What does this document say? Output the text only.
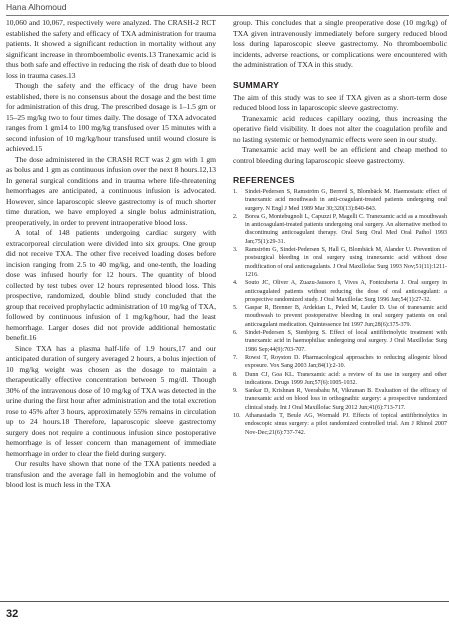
Hana Alhomoud

10,060 and 10,067, respectively were analyzed. The CRASH-2 RCT established the safety and efficacy of TXA administration for trauma patients. It showed a significant reduction in mortality without any significant increase in thromboembolic events.13 Tranexamic acid is thus both safe and effective in reducing the risk of death due to blood loss in trauma cases.13

Though the safety and the efficacy of the drug have been established, there is no consensus about the dosage and the best time for administration of this drug. The prescribed dosage is 1–1.5 gm or 15–25 mg/kg two to four times daily. The dosage of TXA advocated ranges from 1 gm14 to 100 mg/kg transfused over 15 minutes with a second infusion of 10 mg/kg/hour transfused until wound closure is achieved.15

The dose administered in the CRASH RCT was 2 gm with 1 gm as bolus and 1 gm as continuous infusion over the next 8 hours.12,13 In general surgical conditions and in trauma where life-threatening hemorrhages are anticipated, a continuous infusion is advocated. However, since laparoscopic sleeve gastrectomy is of much shorter time duration, we have employed a single bolus administration, preoperatively, in order to prevent intraoperative blood loss.

A total of 148 patients undergoing cardiac surgery with extracorporeal circulation were divided into six groups. One group did not receive TXA. The other five received loading doses before incision ranging from 2.5 to 40 mg/kg, and one-tenth, the loading dose was infused hourly for 12 hours. The quantity of blood collected by test tubes over 12 hours represented blood loss. This prospective, randomized, double blind study concluded that the group that received prophylactic administration of 10 mg/kg of TXA, followed by continuous infusion of 1 mg/kg/hour, had the least hemorrhage. Larger doses did not provide additional hemostatic benefit.16

Since TXA has a plasma half-life of 1.9 hours,17 and our anticipated duration of surgery averaged 2 hours, a bolus injection of 10 mg/kg weight was chosen as the dosage to maintain a therapeutically effective concentration between 5 mg/dl. Though 30% of the intravenous dose of 10 mg/kg of TXA was detected in the urine during the first hour after administration and the total excretion rose to 45% after 3 hours, approximately 55% remains in circulation up to 24 hours.18 Therefore, laparoscopic sleeve gastrectomy surgery does not require a continuous infusion since postoperative hemorrhage is of lesser concern than management of immediate hemorrhage in order to clear the field during surgery.

Our results have shown that none of the TXA patients needed a transfusion and the average fall in hemoglobin and the volume of blood lost is much less in the TXA

group. This concludes that a single preoperative dose (10 mg/kg) of TXA given intravenously immediately before surgery reduced blood loss during laparoscopic sleeve gastrectomy. No thromboembolic incidents, adverse reactions, or complications were encountered with the administration of TXA in this study.

SUMMARY

The aim of this study was to see if TXA given as a short-term dose reduced blood loss in laparoscopic sleeve gastrectomy.

Tranexamic acid reduces capillary oozing, thus increasing the operative field visibility. It does not alter the coagulation profile and no lasting systemic or hemodynamic effects were seen in our study.

Tranexamic acid may well be an efficient and cheap method to control bleeding during laparoscopic sleeve gastrectomy.

REFERENCES
1. Sindet-Pedersen S, Ramström G, Bernvil S, Blombäck M. Haemostatic effect of tranexamic acid mouthwash in anti-coagulant-treated patients undergoing oral surgery. N Engl J Med 1989 Mar 30;320(13):840-843.
2. Borea G, Montebugnoli L, Capuzzi P, Magelli C. Tranexamic acid as a mouthwash in anticoagulant-treated patients undergoing oral surgery. An alternative method to discontinuing anticoagulant therapy. Oral Surg Oral Med Oral Pathol 1993 Jan;75(1):29-31.
3. Ramström G, Sindet-Pedersen S, Hall G, Blombäck M, Alander U. Prevention of postsurgical bleeding in oral surgery using tranexamic acid without dose modification of oral anticoagulants. J Oral Maxillofac Surg 1993 Nov;51(11):1211-1216.
4. Souto JC, Oliver A, Zuazu-Jausoro I, Vives A, Fontcuberta J. Oral surgery in anticoagulated patients without reducing the dose of oral anticoagulant: a prospective randomized study. J Oral Maxillofac Surg 1996 Jan;54(1):27-32.
5. Gaspar R, Brenner B, Ardekian L, Peled M, Laufer D. Use of tranexamic acid mouthwash to prevent postoperative bleeding in oral surgery patients on oral anticoagulant medication. Quintessence Int 1997 Jun;28(6):375-379.
6. Sindet-Pedersen S, Stenbjerg S. Effect of local antifibrinolytic treatment with tranexamic acid in haemophiliac undergoing oral surgery. J Oral Maxillofac Surg 1986 Sep;44(9):703-707.
7. Rowsi T, Royston D. Pharmacological approaches to reducing allogenic blood exposure. Vox Sang 2003 Jan;84(1):2-10.
8. Dunn CJ, Goa KL. Tranexamic acid: a review of its use in surgery and other indications. Drugs 1999 Jun;57(6):1005-1032.
9. Sankar D, Krishnan R, Veerabahu M, Vikraman B. Evaluation of the efficacy of tranexamic acid on blood loss in orthognathic surgery: a prospective randomized clinical study. Int J Oral Maxillofac Surg 2012 Jun;41(6):713-717.
10. Athanasiadis T, Beule AG, Wormald PJ. Effects of topical antifibrinolytics in endoscopic sinus surgery: a pilot randomized controlled trial. Am J Rhinol 2007 Nov-Dec;21(6):737-742.
32
